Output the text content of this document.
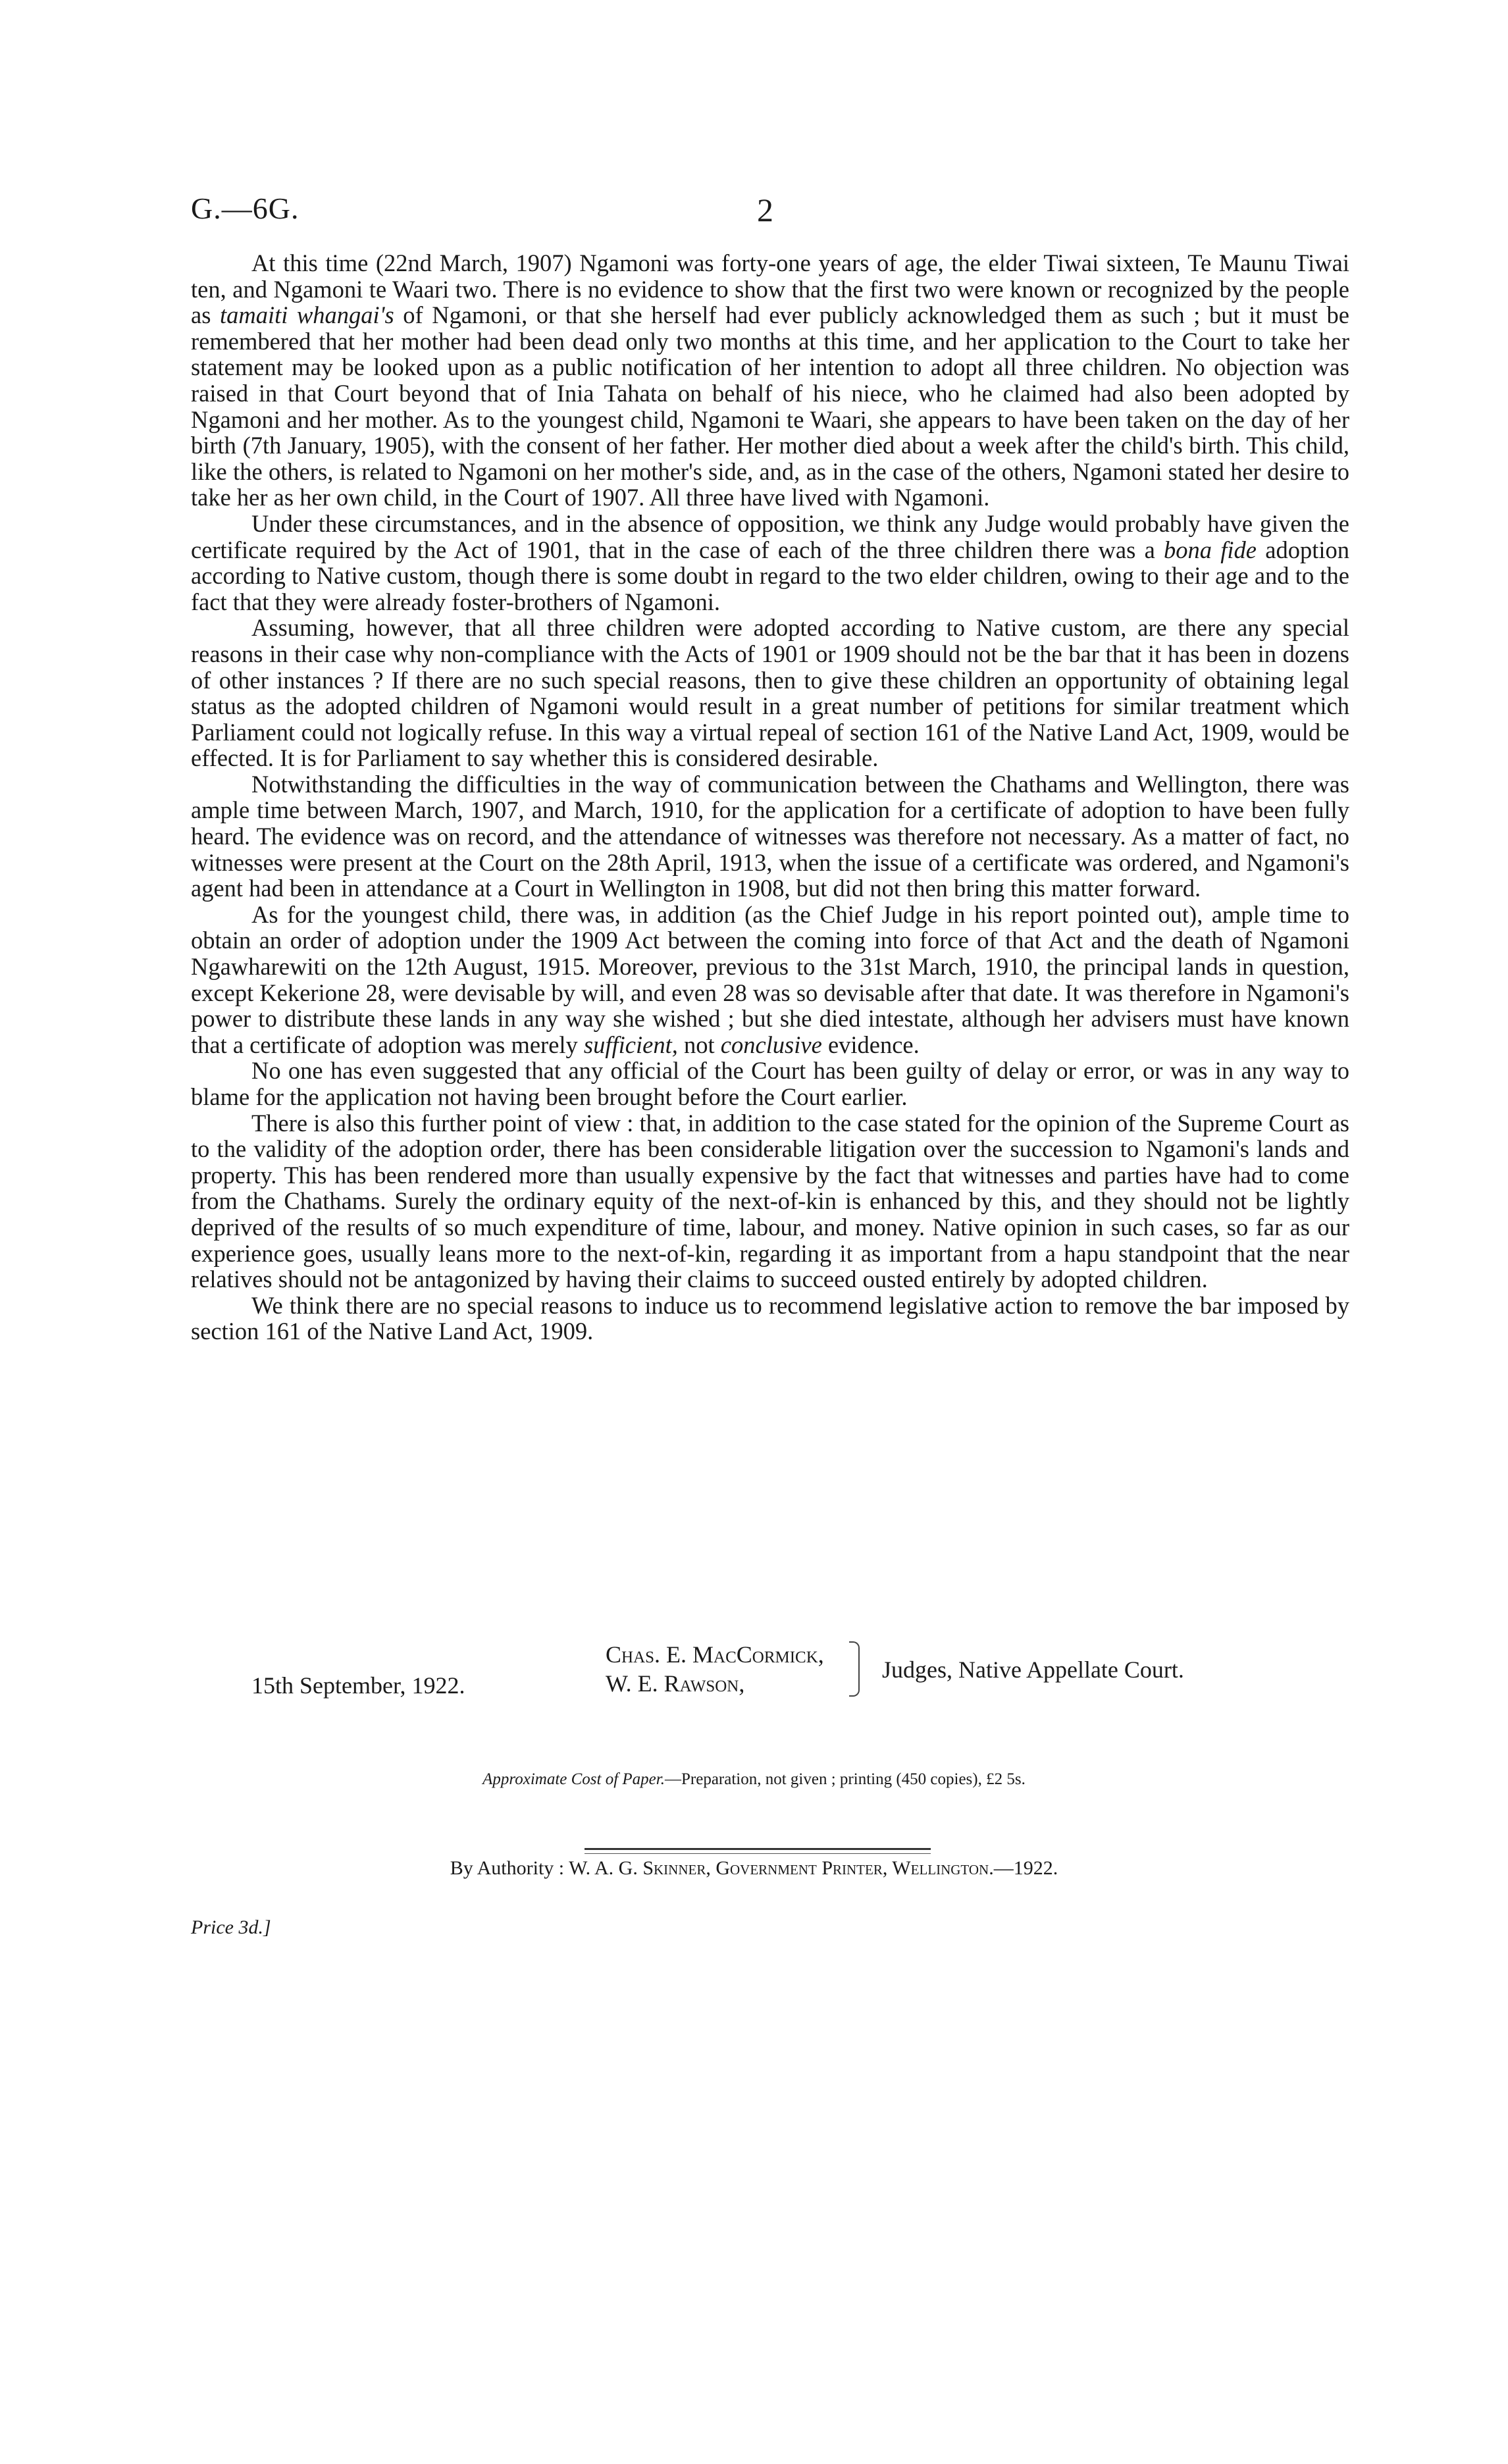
G.—6G.	2

At this time (22nd March, 1907) Ngamoni was forty-one years of age, the elder Tiwai sixteen, Te Maunu Tiwai ten, and Ngamoni te Waari two. There is no evidence to show that the first two were known or recognized by the people as tamaiti whangai's of Ngamoni, or that she herself had ever publicly acknowledged them as such ; but it must be remembered that her mother had been dead only two months at this time, and her application to the Court to take her statement may be looked upon as a public notification of her intention to adopt all three children. No objection was raised in that Court beyond that of Inia Tahata on behalf of his niece, who he claimed had also been adopted by Ngamoni and her mother. As to the youngest child, Ngamoni te Waari, she appears to have been taken on the day of her birth (7th January, 1905), with the consent of her father. Her mother died about a week after the child's birth. This child, like the others, is related to Ngamoni on her mother's side, and, as in the case of the others, Ngamoni stated her desire to take her as her own child, in the Court of 1907. All three have lived with Ngamoni.

Under these circumstances, and in the absence of opposition, we think any Judge would probably have given the certificate required by the Act of 1901, that in the case of each of the three children there was a bona fide adoption according to Native custom, though there is some doubt in regard to the two elder children, owing to their age and to the fact that they were already foster-brothers of Ngamoni.

Assuming, however, that all three children were adopted according to Native custom, are there any special reasons in their case why non-compliance with the Acts of 1901 or 1909 should not be the bar that it has been in dozens of other instances ? If there are no such special reasons, then to give these children an opportunity of obtaining legal status as the adopted children of Ngamoni would result in a great number of petitions for similar treatment which Parliament could not logically refuse. In this way a virtual repeal of section 161 of the Native Land Act, 1909, would be effected. It is for Parliament to say whether this is considered desirable.

Notwithstanding the difficulties in the way of communication between the Chathams and Wellington, there was ample time between March, 1907, and March, 1910, for the application for a certificate of adoption to have been fully heard. The evidence was on record, and the attendance of witnesses was therefore not necessary. As a matter of fact, no witnesses were present at the Court on the 28th April, 1913, when the issue of a certificate was ordered, and Ngamoni's agent had been in attendance at a Court in Wellington in 1908, but did not then bring this matter forward.

As for the youngest child, there was, in addition (as the Chief Judge in his report pointed out), ample time to obtain an order of adoption under the 1909 Act between the coming into force of that Act and the death of Ngamoni Ngawharewiti on the 12th August, 1915. Moreover, previous to the 31st March, 1910, the principal lands in question, except Kekerione 28, were devisable by will, and even 28 was so devisable after that date. It was therefore in Ngamoni's power to distribute these lands in any way she wished ; but she died intestate, although her advisers must have known that a certificate of adoption was merely sufficient, not conclusive evidence.

No one has even suggested that any official of the Court has been guilty of delay or error, or was in any way to blame for the application not having been brought before the Court earlier.

There is also this further point of view : that, in addition to the case stated for the opinion of the Supreme Court as to the validity of the adoption order, there has been considerable litigation over the succession to Ngamoni's lands and property. This has been rendered more than usually expensive by the fact that witnesses and parties have had to come from the Chathams. Surely the ordinary equity of the next-of-kin is enhanced by this, and they should not be lightly deprived of the results of so much expenditure of time, labour, and money. Native opinion in such cases, so far as our experience goes, usually leans more to the next-of-kin, regarding it as important from a hapu standpoint that the near relatives should not be antagonized by having their claims to succeed ousted entirely by adopted children.

We think there are no special reasons to induce us to recommend legislative action to remove the bar imposed by section 161 of the Native Land Act, 1909.

15th September, 1922.
Chas. E. MacCormick,
W. E. Rawson,
Judges, Native Appellate Court.
Approximate Cost of Paper.—Preparation, not given ; printing (450 copies), £2 5s.
By Authority : W. A. G. Skinner, Government Printer, Wellington.—1922.
Price 3d.]
